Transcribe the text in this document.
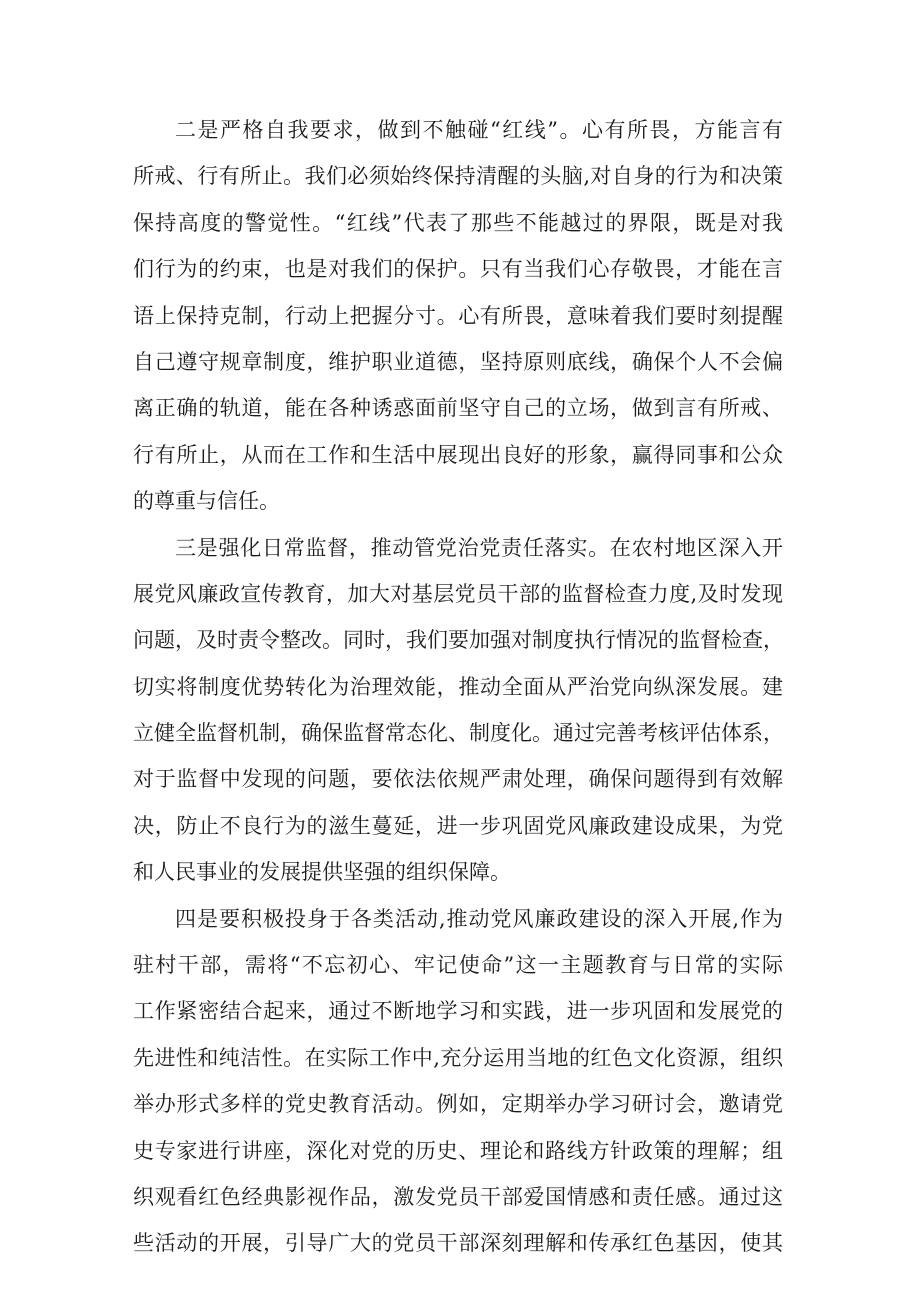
二是严格自我要求，做到不触碰“红线”。心有所畏，方能言有
所戒、行有所止。我们必须始终保持清醒的头脑,对自身的行为和决策
保持高度的警觉性。“红线”代表了那些不能越过的界限，既是对我
们行为的约束，也是对我们的保护。只有当我们心存敬畏，才能在言
语上保持克制，行动上把握分寸。心有所畏，意味着我们要时刻提醒
自己遵守规章制度，维护职业道德，坚持原则底线，确保个人不会偏
离正确的轨道，能在各种诱惑面前坚守自己的立场，做到言有所戒、
行有所止，从而在工作和生活中展现出良好的形象，赢得同事和公众
的尊重与信任。
三是强化日常监督，推动管党治党责任落实。在农村地区深入开
展党风廉政宣传教育，加大对基层党员干部的监督检查力度,及时发现
问题，及时责令整改。同时，我们要加强对制度执行情况的监督检查，
切实将制度优势转化为治理效能，推动全面从严治党向纵深发展。建
立健全监督机制，确保监督常态化、制度化。通过完善考核评估体系，
对于监督中发现的问题，要依法依规严肃处理，确保问题得到有效解
决，防止不良行为的滋生蔓延，进一步巩固党风廉政建设成果，为党
和人民事业的发展提供坚强的组织保障。
四是要积极投身于各类活动,推动党风廉政建设的深入开展,作为
驻村干部，需将“不忘初心、牢记使命”这一主题教育与日常的实际
工作紧密结合起来，通过不断地学习和实践，进一步巩固和发展党的
先进性和纯洁性。在实际工作中,充分运用当地的红色文化资源，组织
举办形式多样的党史教育活动。例如，定期举办学习研讨会，邀请党
史专家进行讲座，深化对党的历史、理论和路线方针政策的理解；组
织观看红色经典影视作品，激发党员干部爱国情感和责任感。通过这
些活动的开展，引导广大的党员干部深刻理解和传承红色基因，使其
